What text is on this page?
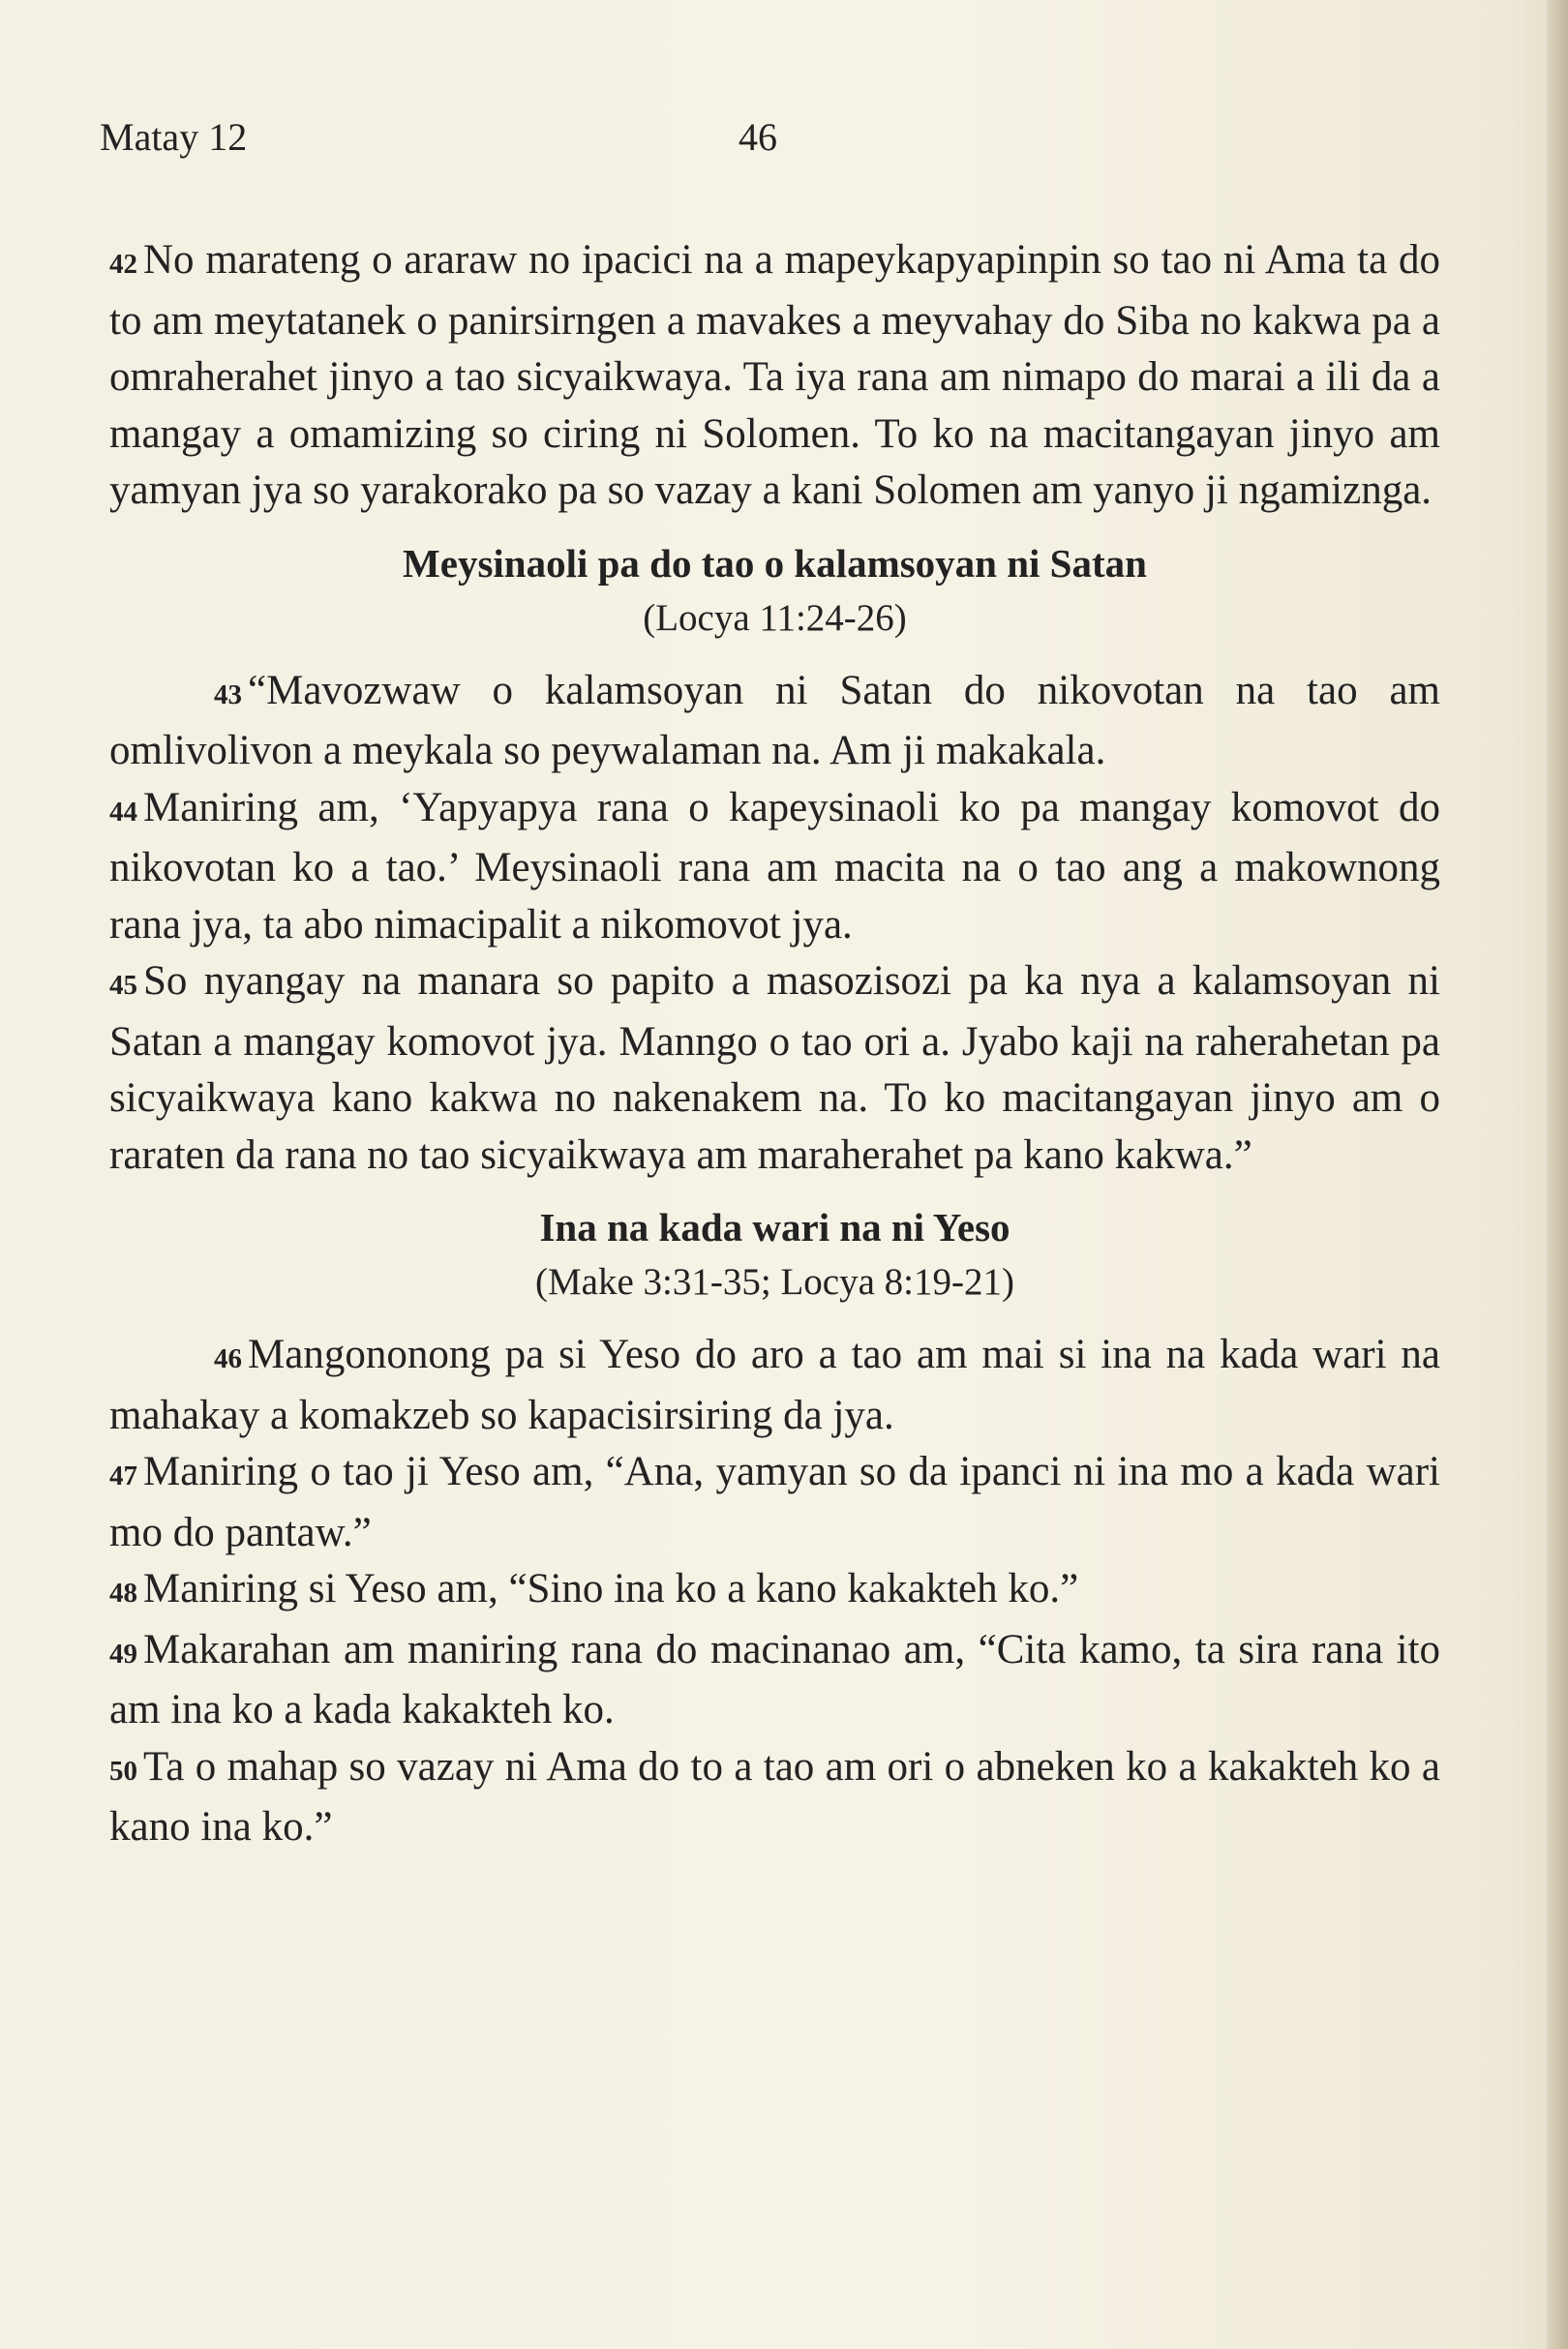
Matay 12	46

42 No marateng o araraw no ipacici na a mapeykapyapinpin so tao ni Ama ta do to am meytatanek o panirsirngen a mavakes a meyvahay do Siba no kakwa pa a omraherahet jinyo a tao sicyaikwaya. Ta iya rana am nimapo do marai a ili da a mangay a omamizing so ciring ni Solomen. To ko na macitangayan jinyo am yamyan jya so yarakorako pa so vazay a kani Solomen am yanyo ji ngamiznga.

Meysinaoli pa do tao o kalamsoyan ni Satan
(Locya 11:24-26)

43 “Mavozwaw o kalamsoyan ni Satan do nikovotan na tao am omlivolivon a meykala so peywalaman na. Am ji makakala.

44 Maniring am, ‘Yapyapya rana o kapeysinaoli ko pa mangay komovot do nikovotan ko a tao.’ Meysinaoli rana am macita na o tao ang a makownong rana jya, ta abo nimacipalit a nikomovot jya.

45 So nyangay na manara so papito a masozisozi pa ka nya a kalamsoyan ni Satan a mangay komovot jya. Manngo o tao ori a. Jyabo kaji na raherahetan pa sicyaikwaya kano kakwa no nakenakem na. To ko macitangayan jinyo am o raraten da rana no tao sicyaikwaya am maraherahet pa kano kakwa.”

Ina na kada wari na ni Yeso
(Make 3:31-35; Locya 8:19-21)

46 Mangononong pa si Yeso do aro a tao am mai si ina na kada wari na mahakay a komakzeb so kapacisirsiring da jya.

47 Maniring o tao ji Yeso am, “Ana, yamyan so da ipanci ni ina mo a kada wari mo do pantaw.”

48 Maniring si Yeso am, “Sino ina ko a kano kakakteh ko.”

49 Makarahan am maniring rana do macinanao am, “Cita kamo, ta sira rana ito am ina ko a kada kakakteh ko.

50 Ta o mahap so vazay ni Ama do to a tao am ori o abneken ko a kakakteh ko a kano ina ko.”
